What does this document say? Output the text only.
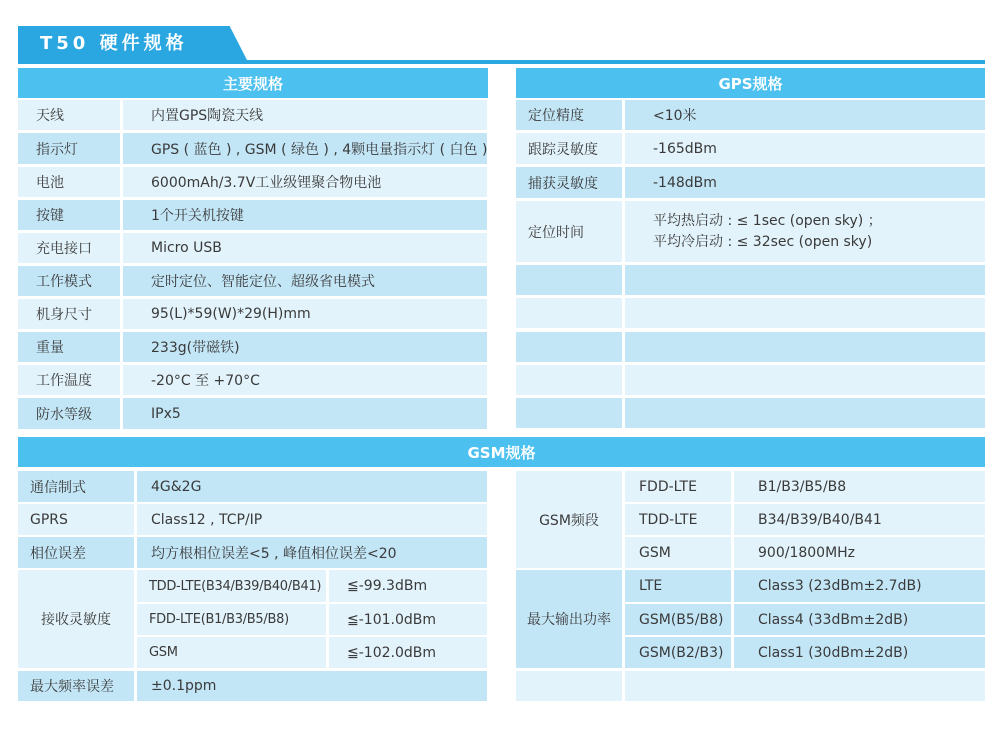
T50 硬件规格
主要规格
天线	内置GPS陶瓷天线
指示灯	GPS ( 蓝色 ) , GSM ( 绿色 ) , 4颗电量指示灯 ( 白色 )
电池	6000mAh/3.7V工业级锂聚合物电池
按键	1个开关机按键
充电接口	Micro USB
工作模式	定时定位、智能定位、超级省电模式
机身尺寸	95(L)*59(W)*29(H)mm
重量	233g(带磁铁)
工作温度	-20°C 至 +70°C
防水等级	IPx5
GPS规格
定位精度	<10米
跟踪灵敏度	-165dBm
捕获灵敏度	-148dBm
定位时间
平均热启动 : ≤ 1sec (open sky) ；
平均冷启动 : ≤ 32sec (open sky)
GSM规格
通信制式	4G&2G
GPRS	Class12 , TCP/IP
相位误差	均方根相位误差<5 , 峰值相位误差<20
接收灵敏度
TDD-LTE(B34/B39/B40/B41)	≦-99.3dBm
FDD-LTE(B1/B3/B5/B8)	≦-101.0dBm
GSM	≦-102.0dBm
最大频率误差	±0.1ppm
GSM频段
FDD-LTE	B1/B3/B5/B8
TDD-LTE	B34/B39/B40/B41
GSM	900/1800MHz
最大输出功率
LTE	Class3 (23dBm±2.7dB)
GSM(B5/B8)	Class4 (33dBm±2dB)
GSM(B2/B3)	Class1 (30dBm±2dB)
